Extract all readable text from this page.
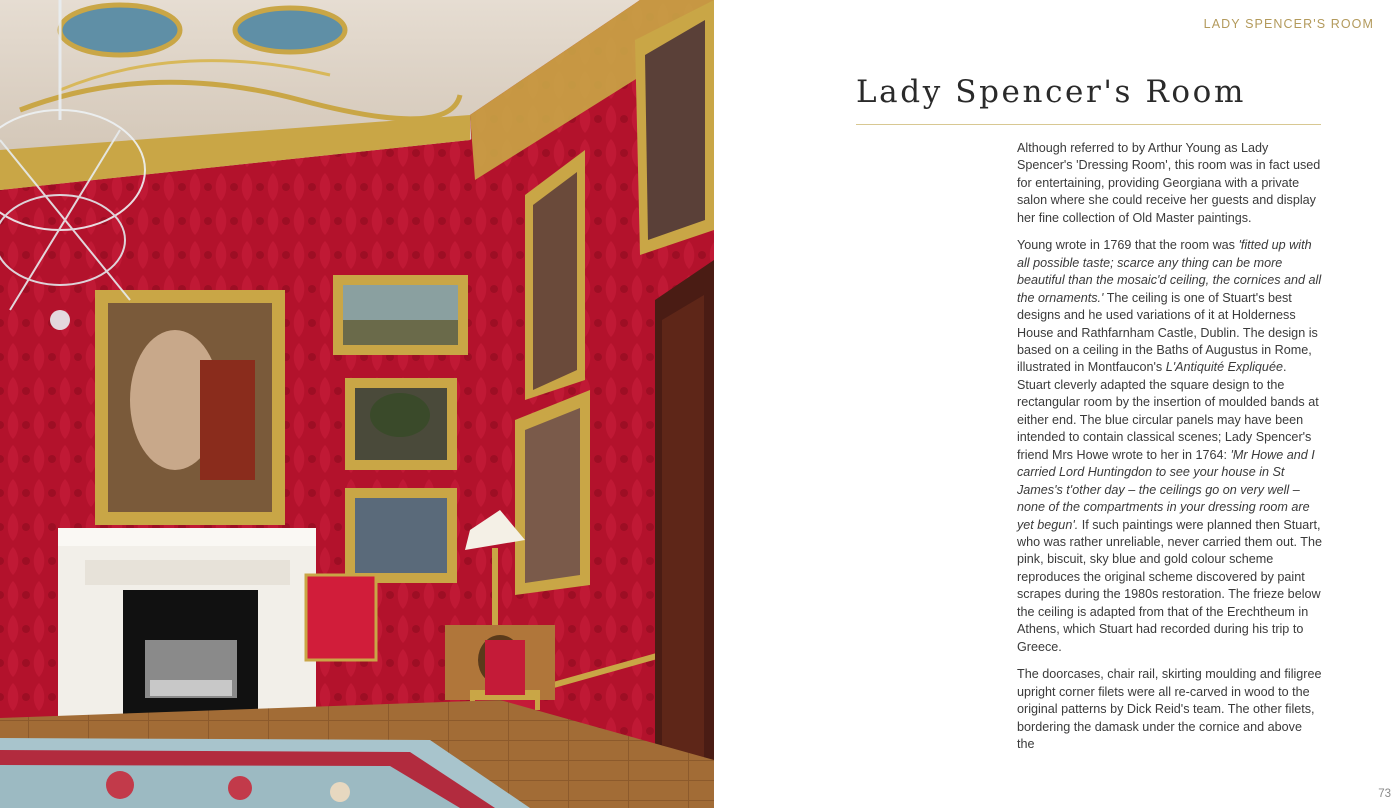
LADY SPENCER'S ROOM
Lady Spencer's Room

Although referred to by Arthur Young as Lady Spencer's 'Dressing Room', this room was in fact used for entertaining, providing Georgiana with a private salon where she could receive her guests and display her fine collection of Old Master paintings.

Young wrote in 1769 that the room was 'fitted up with all possible taste; scarce any thing can be more beautiful than the mosaic'd ceiling, the cornices and all the ornaments.' The ceiling is one of Stuart's best designs and he used variations of it at Holderness House and Rathfarnham Castle, Dublin. The design is based on a ceiling in the Baths of Augustus in Rome, illustrated in Montfaucon's L'Antiquité Expliquée. Stuart cleverly adapted the square design to the rectangular room by the insertion of moulded bands at either end. The blue circular panels may have been intended to contain classical scenes; Lady Spencer's friend Mrs Howe wrote to her in 1764: 'Mr Howe and I carried Lord Huntingdon to see your house in St James's t'other day – the ceilings go on very well – none of the compartments in your dressing room are yet begun'. If such paintings were planned then Stuart, who was rather unreliable, never carried them out. The pink, biscuit, sky blue and gold colour scheme reproduces the original scheme discovered by paint scrapes during the 1980s restoration. The frieze below the ceiling is adapted from that of the Erechtheum in Athens, which Stuart had recorded during his trip to Greece.

The doorcases, chair rail, skirting moulding and filigree upright corner filets were all re-carved in wood to the original patterns by Dick Reid's team. The other filets, bordering the damask under the cornice and above the

73
